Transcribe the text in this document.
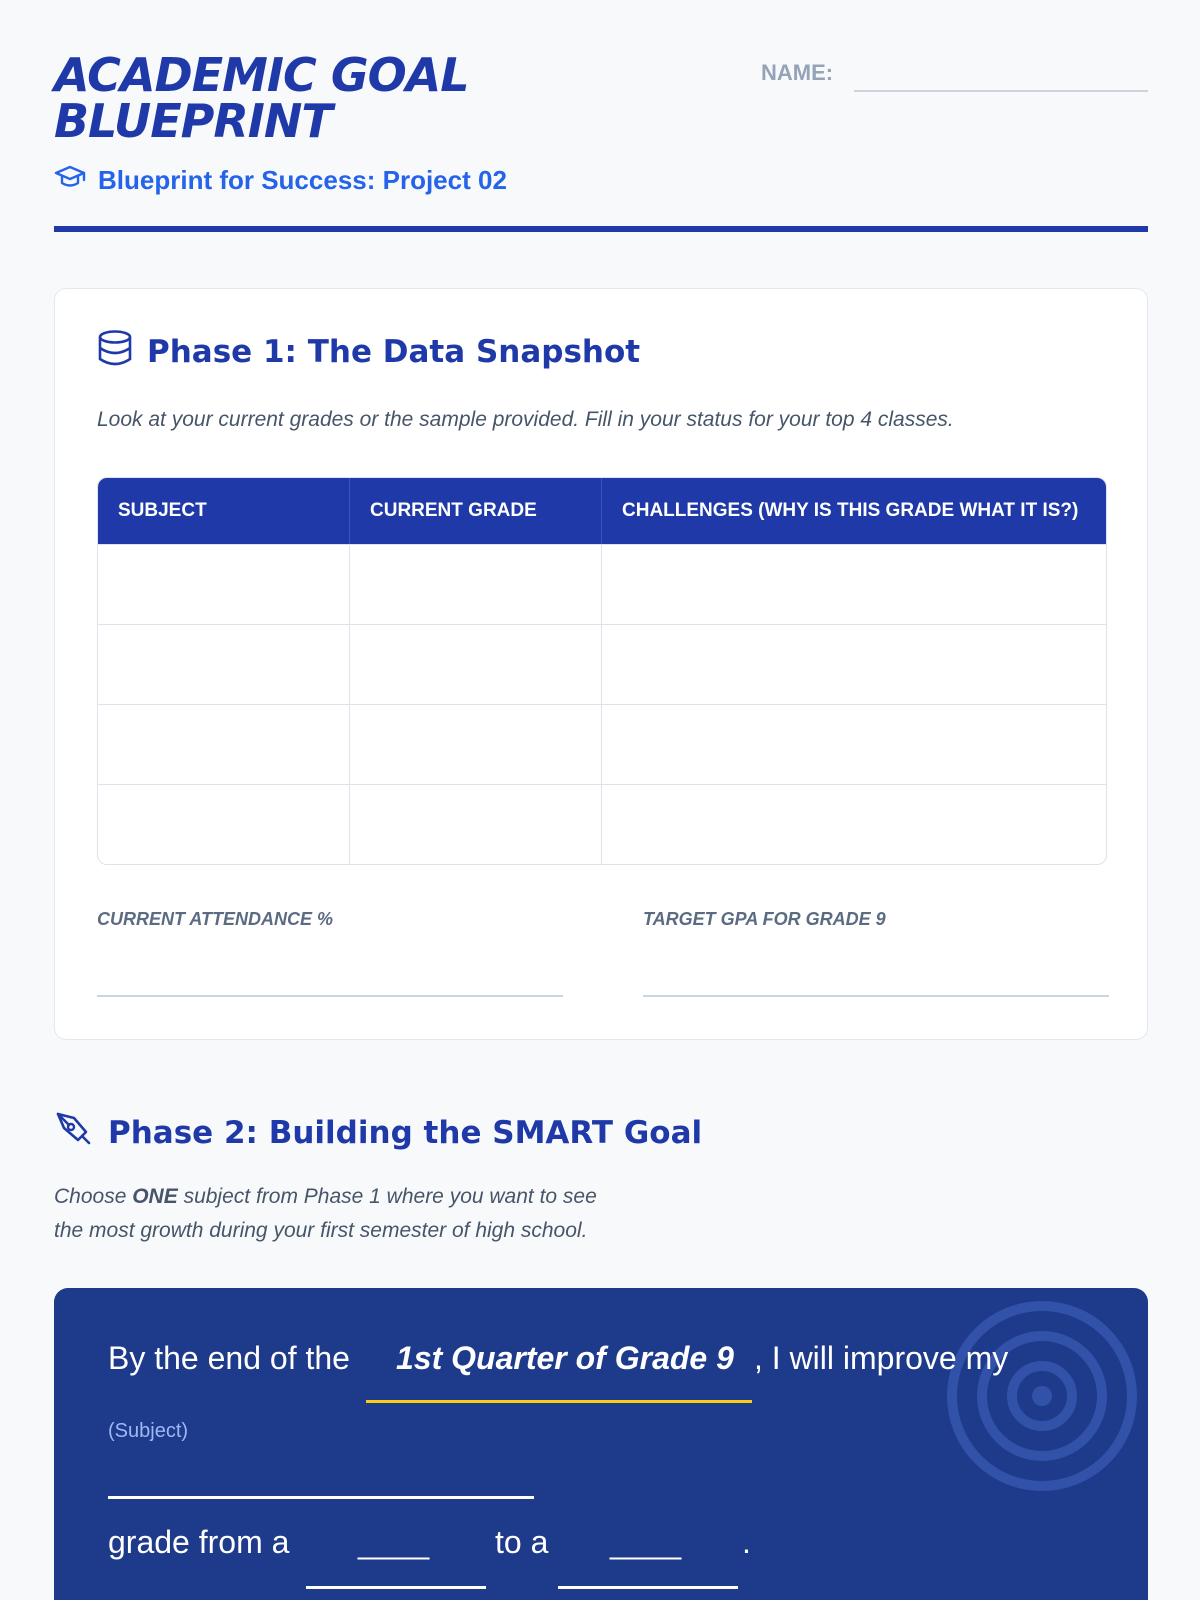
ACADEMIC GOAL BLUEPRINT
Blueprint for Success: Project 02
NAME:
Phase 1: The Data Snapshot
Look at your current grades or the sample provided. Fill in your status for your top 4 classes.
SUBJECT	CURRENT GRADE	CHALLENGES (WHY IS THIS GRADE WHAT IT IS?)

CURRENT ATTENDANCE %	TARGET GPA FOR GRADE 9
Phase 2: Building the SMART Goal
Choose ONE subject from Phase 1 where you want to see
the most growth during your first semester of high school.
By the end of the 1st Quarter of Grade 9 , I will improve my
(Subject)
grade from a ____ to a ____ .
